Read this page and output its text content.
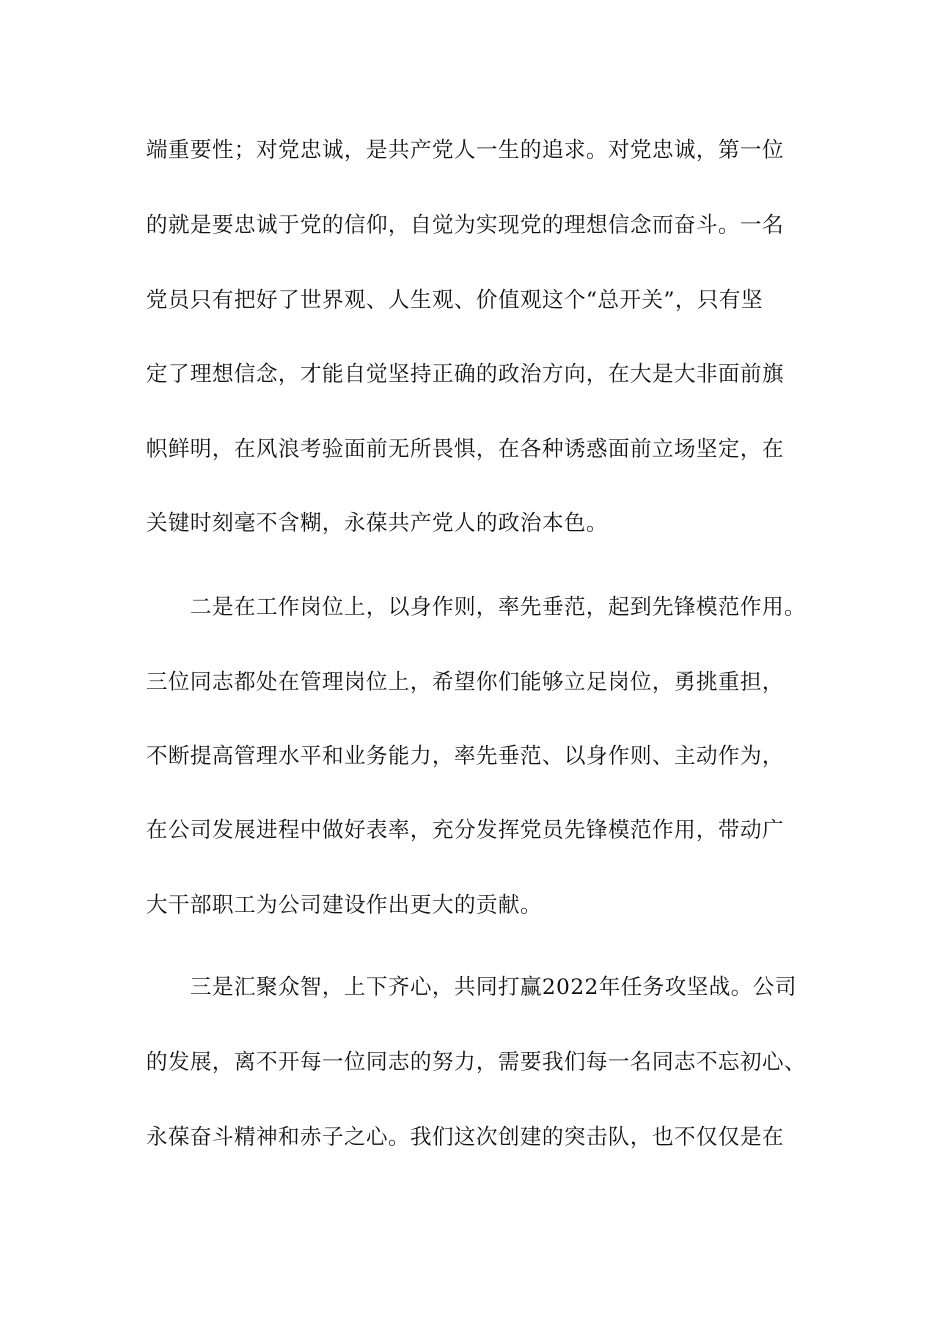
端重要性；对党忠诚，是共产党人一生的追求。对党忠诚，第一位
的就是要忠诚于党的信仰，自觉为实现党的理想信念而奋斗。一名
党员只有把好了世界观、人生观、价值观这个“总开关”，只有坚
定了理想信念，才能自觉坚持正确的政治方向，在大是大非面前旗
帜鲜明，在风浪考验面前无所畏惧，在各种诱惑面前立场坚定，在
关键时刻毫不含糊，永葆共产党人的政治本色。
二是在工作岗位上，以身作则，率先垂范，起到先锋模范作用。
三位同志都处在管理岗位上，希望你们能够立足岗位，勇挑重担，
不断提高管理水平和业务能力，率先垂范、以身作则、主动作为，
在公司发展进程中做好表率，充分发挥党员先锋模范作用，带动广
大干部职工为公司建设作出更大的贡献。
三是汇聚众智，上下齐心，共同打赢2022年任务攻坚战。公司
的发展，离不开每一位同志的努力，需要我们每一名同志不忘初心、
永葆奋斗精神和赤子之心。我们这次创建的突击队，也不仅仅是在
